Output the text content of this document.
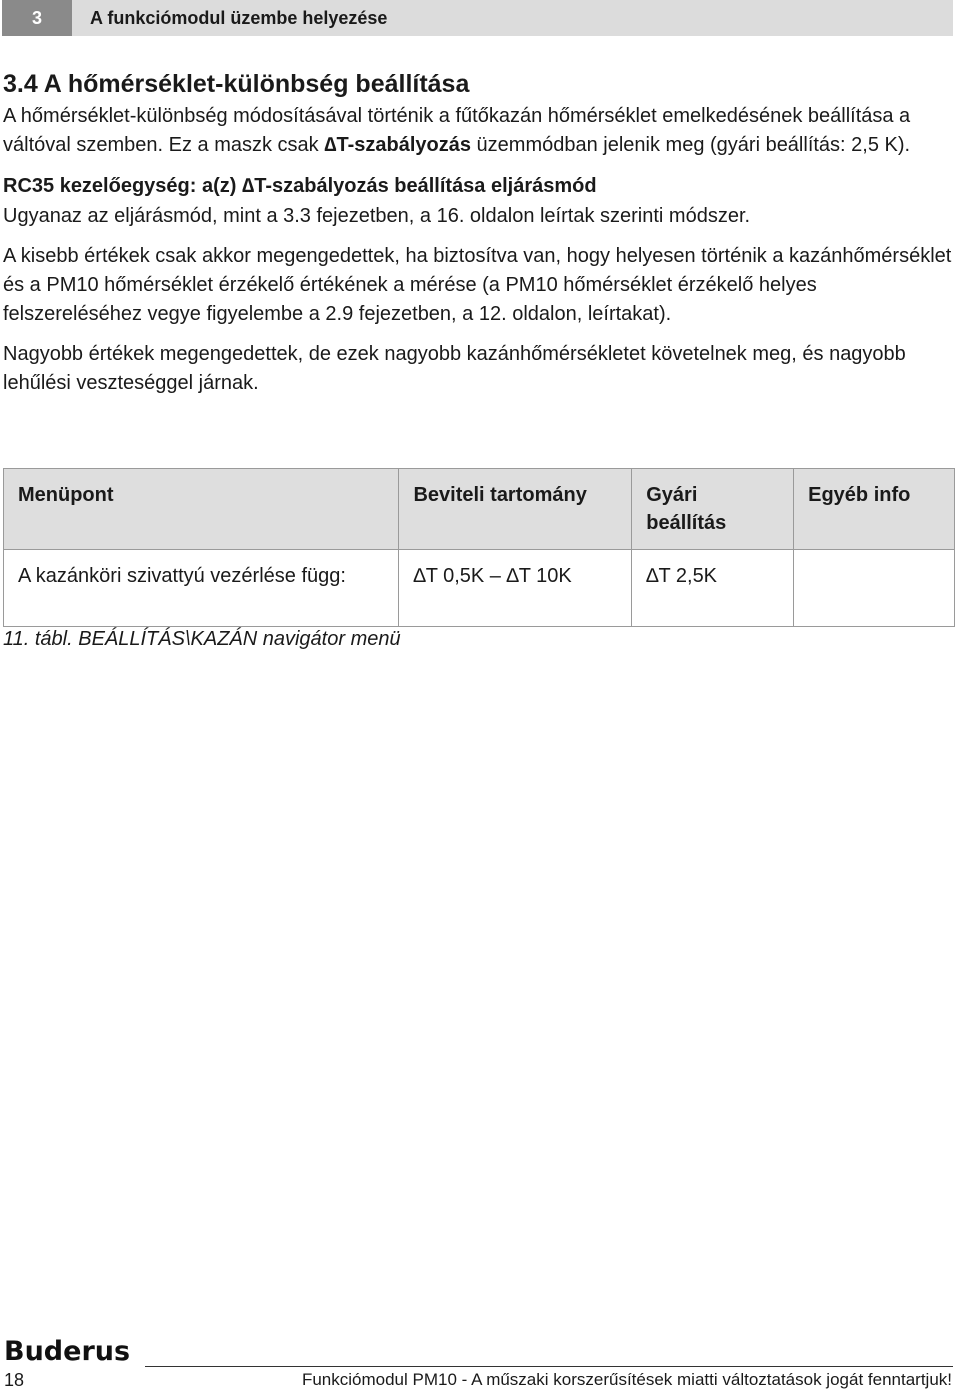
3	A funkciómodul üzembe helyezése
3.4 A hőmérséklet-különbség beállítása

A hőmérséklet-különbség módosításával történik a fűtőkazán hőmérséklet emelkedésének beállítása a váltóval szemben. Ez a maszk csak ∆T-szabályozás üzemmódban jelenik meg (gyári beállítás: 2,5 K).

RC35 kezelőegység: a(z) ∆T-szabályozás beállítása eljárásmód

Ugyanaz az eljárásmód, mint a 3.3 fejezetben, a 16. oldalon leírtak szerinti módszer.

A kisebb értékek csak akkor megengedettek, ha biztosítva van, hogy helyesen történik a kazánhőmérséklet és a PM10 hőmérséklet érzékelő értékének a mérése (a PM10 hőmérséklet érzékelő helyes felszereléséhez vegye figyelembe a 2.9 fejezetben, a 12. oldalon, leírtakat).

Nagyobb értékek megengedettek, de ezek nagyobb kazánhőmérsékletet követelnek meg, és nagyobb lehűlési veszteséggel járnak.

Menüpont	Beviteli tartomány	Gyári beállítás	Egyéb info
A kazánköri szivattyú vezérlése függ:	∆T 0,5K – ∆T 10K	∆T 2,5K	
11. tábl. BEÁLLÍTÁS\KAZÁN navigátor menü
Buderus
18	Funkciómodul PM10 - A műszaki korszerűsítések miatti változtatások jogát fenntartjuk!
